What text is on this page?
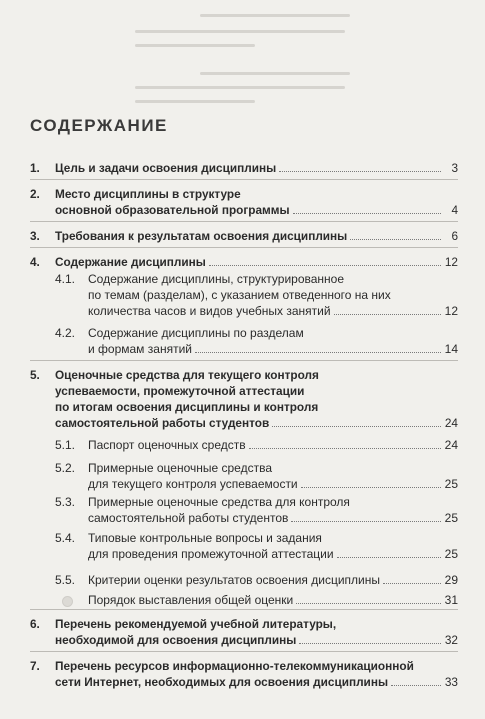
СОДЕРЖАНИЕ
1. Цель и задачи освоения дисциплины	3
2. Место дисциплины в структуре
основной образовательной программы	4
3. Требования к результатам освоения дисциплины	6
4. Содержание дисциплины	12
4.1. Содержание дисциплины, структурированное
по темам (разделам), с указанием отведенного на них
количества часов и видов учебных занятий	12
4.2. Содержание дисциплины по разделам
и формам занятий	14
5. Оценочные средства для текущего контроля
успеваемости, промежуточной аттестации
по итогам освоения дисциплины и контроля
самостоятельной работы студентов	24
5.1. Паспорт оценочных средств	24
5.2. Примерные оценочные средства
для текущего контроля успеваемости	25
5.3. Примерные оценочные средства для контроля
самостоятельной работы студентов	25
5.4. Типовые контрольные вопросы и задания
для проведения промежуточной аттестации	25
5.5. Критерии оценки результатов освоения дисциплины	29
Порядок выставления общей оценки	31
6. Перечень рекомендуемой учебной литературы,
необходимой для освоения дисциплины	32
7. Перечень ресурсов информационно-телекоммуникационной
сети Интернет, необходимых для освоения дисциплины	33
